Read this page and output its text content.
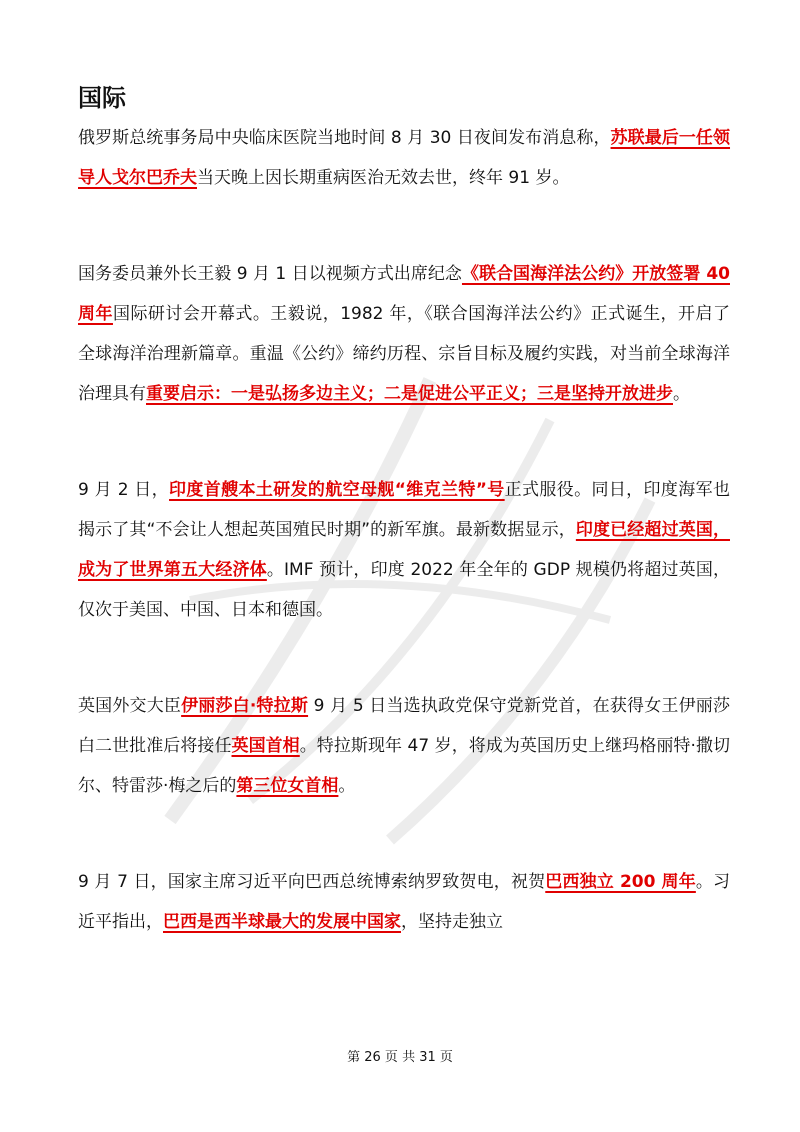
国际

俄罗斯总统事务局中央临床医院当地时间 8 月 30 日夜间发布消息称，苏联最后一任领导人戈尔巴乔夫当天晚上因长期重病医治无效去世，终年 91 岁。

国务委员兼外长王毅 9 月 1 日以视频方式出席纪念《联合国海洋法公约》开放签署 40 周年国际研讨会开幕式。王毅说，1982 年，《联合国海洋法公约》正式诞生，开启了全球海洋治理新篇章。重温《公约》缔约历程、宗旨目标及履约实践，对当前全球海洋治理具有重要启示：一是弘扬多边主义；二是促进公平正义；三是坚持开放进步。

9 月 2 日，印度首艘本土研发的航空母舰“维克兰特”号正式服役。同日，印度海军也揭示了其“不会让人想起英国殖民时期”的新军旗。最新数据显示，印度已经超过英国，成为了世界第五大经济体。IMF 预计，印度 2022 年全年的 GDP 规模仍将超过英国，仅次于美国、中国、日本和德国。

英国外交大臣伊丽莎白·特拉斯 9 月 5 日当选执政党保守党新党首，在获得女王伊丽莎白二世批准后将接任英国首相。特拉斯现年 47 岁，将成为英国历史上继玛格丽特·撒切尔、特雷莎·梅之后的第三位女首相。

9 月 7 日，国家主席习近平向巴西总统博索纳罗致贺电，祝贺巴西独立 200 周年。习近平指出，巴西是西半球最大的发展中国家，坚持走独立

第 26 页 共 31 页
